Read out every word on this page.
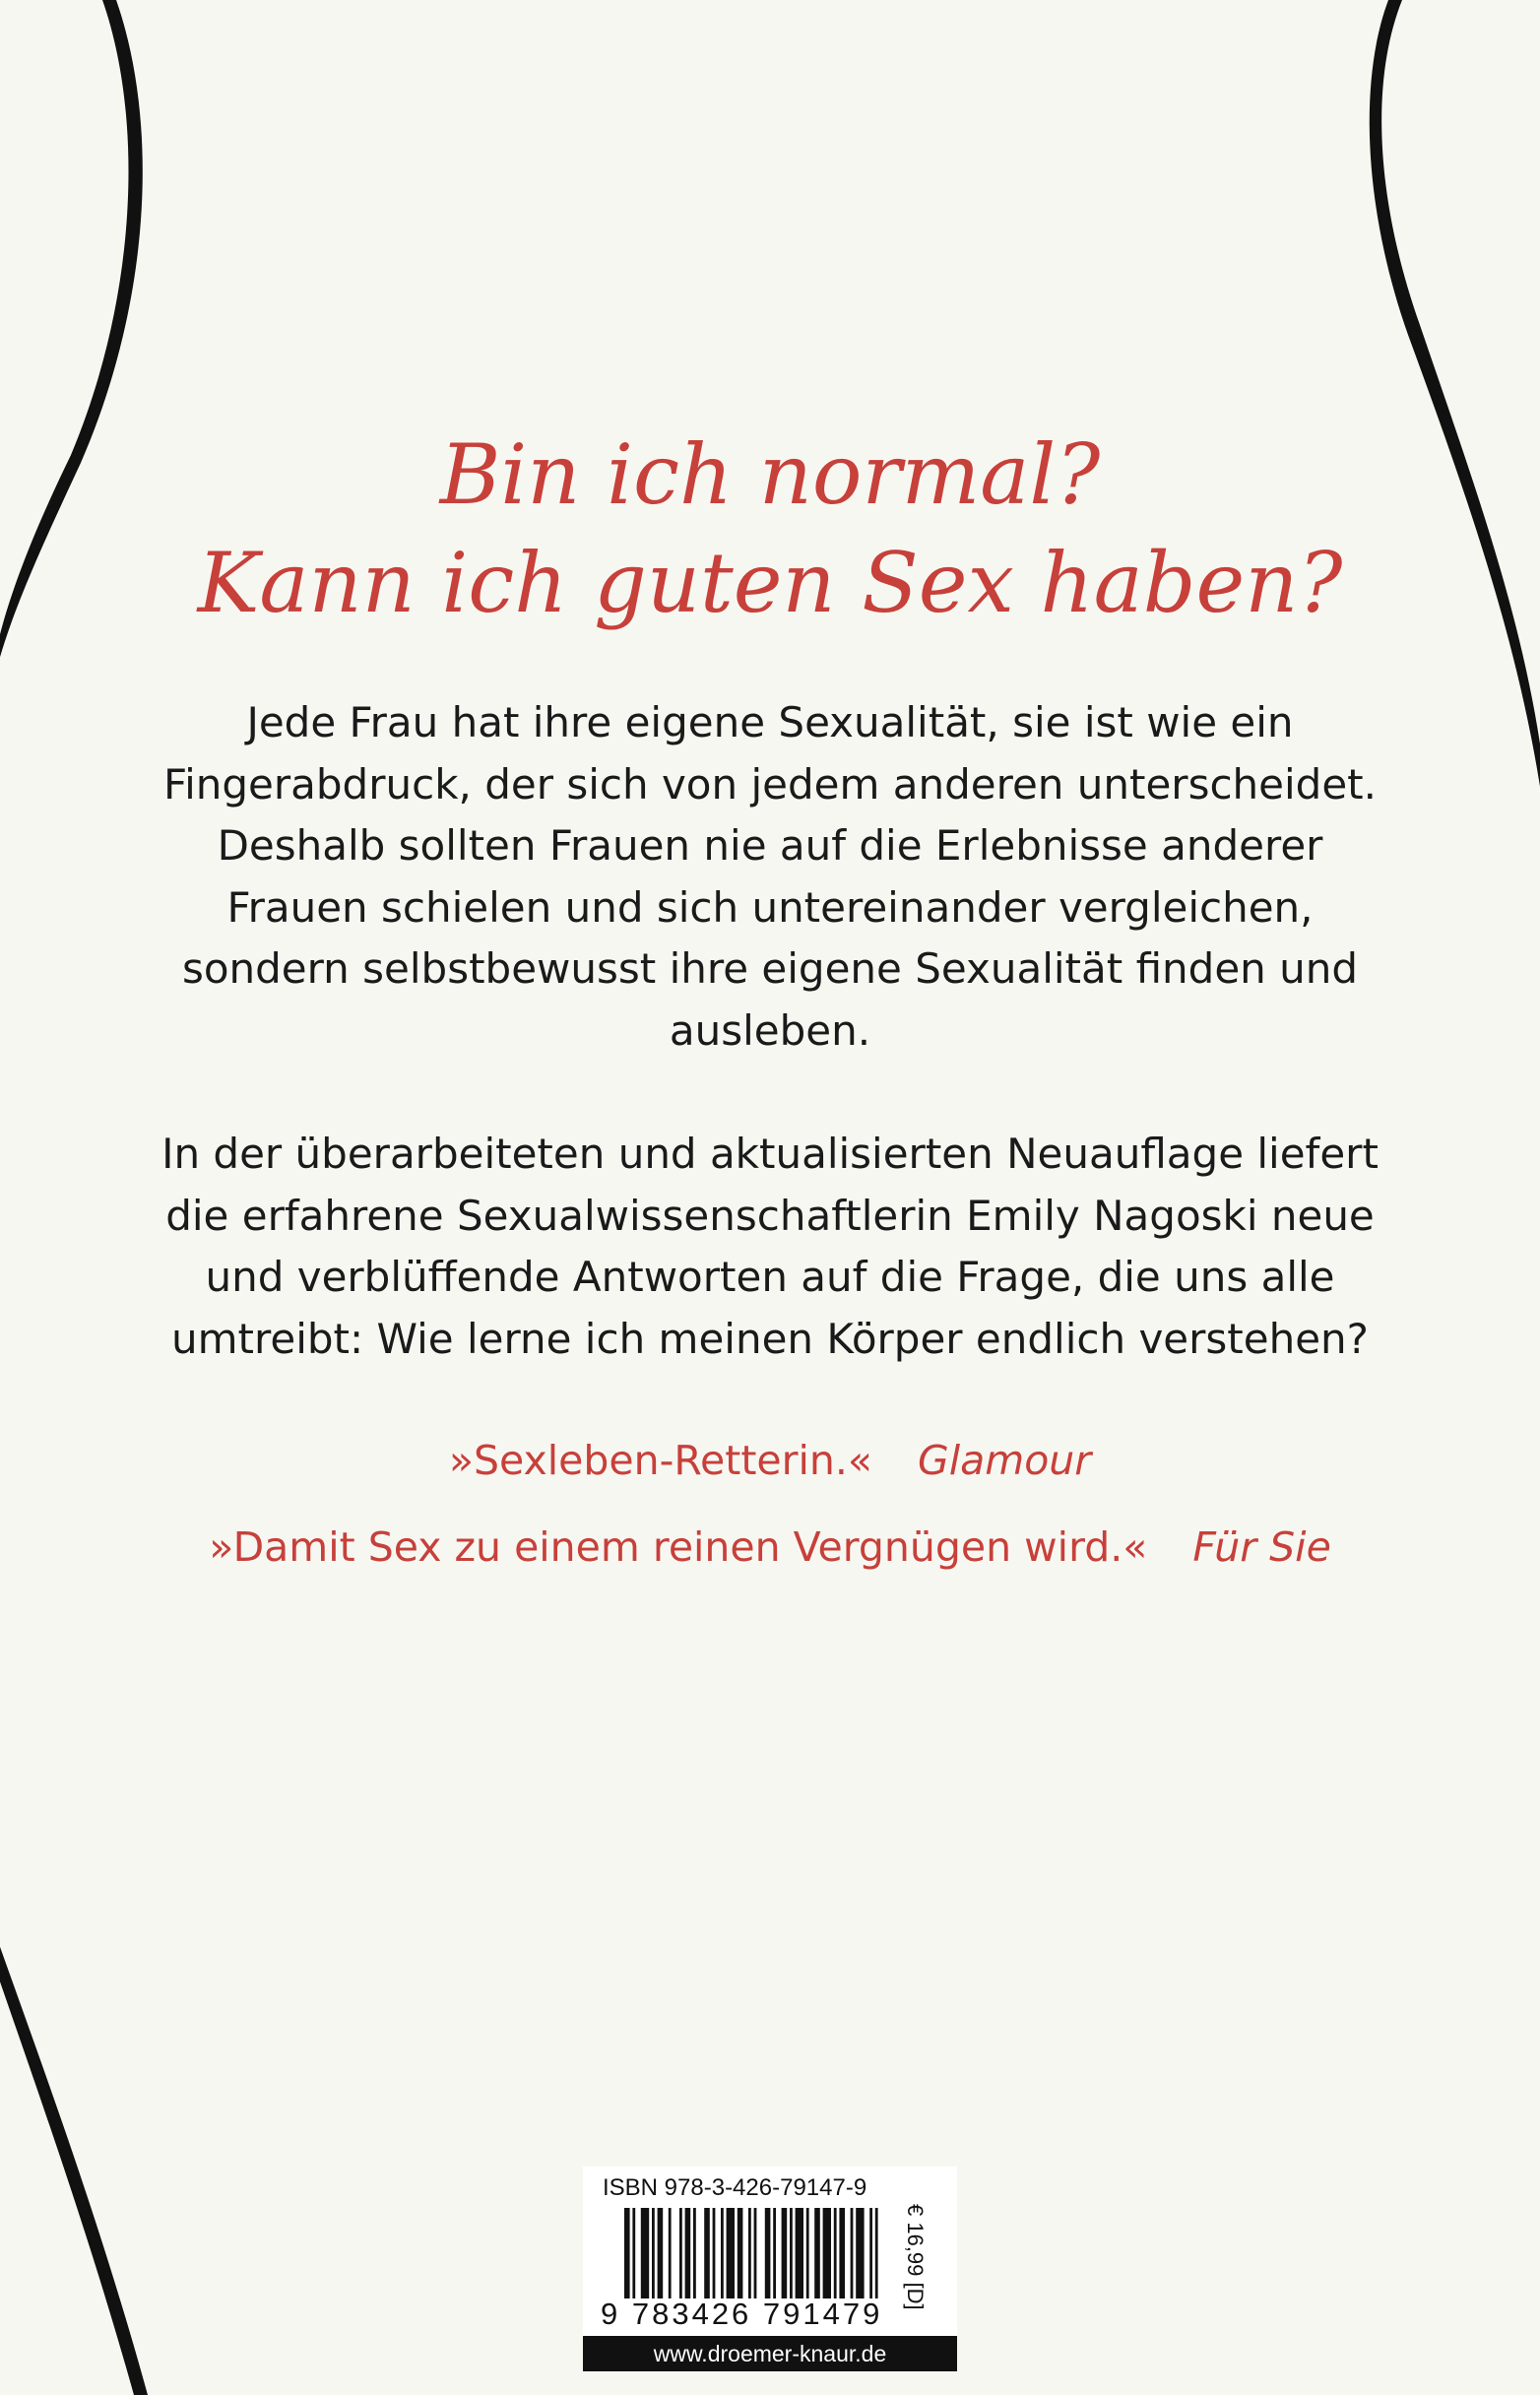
Bin ich normal?
Kann ich guten Sex haben?
Jede Frau hat ihre eigene Sexualität, sie ist wie ein
Fingerabdruck, der sich von jedem anderen unterscheidet.
Deshalb sollten Frauen nie auf die Erlebnisse anderer
Frauen schielen und sich untereinander vergleichen,
sondern selbstbewusst ihre eigene Sexualität finden und
ausleben.
In der überarbeiteten und aktualisierten Neuauflage liefert
die erfahrene Sexualwissenschaftlerin Emily Nagoski neue
und verblüffende Antworten auf die Frage, die uns alle
umtreibt: Wie lerne ich meinen Körper endlich verstehen?
»Sexleben-Retterin.« Glamour
»Damit Sex zu einem reinen Vergnügen wird.« Für Sie
ISBN 978-3-426-79147-9
9 783426 791479
€ 16,99 [D]
www.droemer-knaur.de
